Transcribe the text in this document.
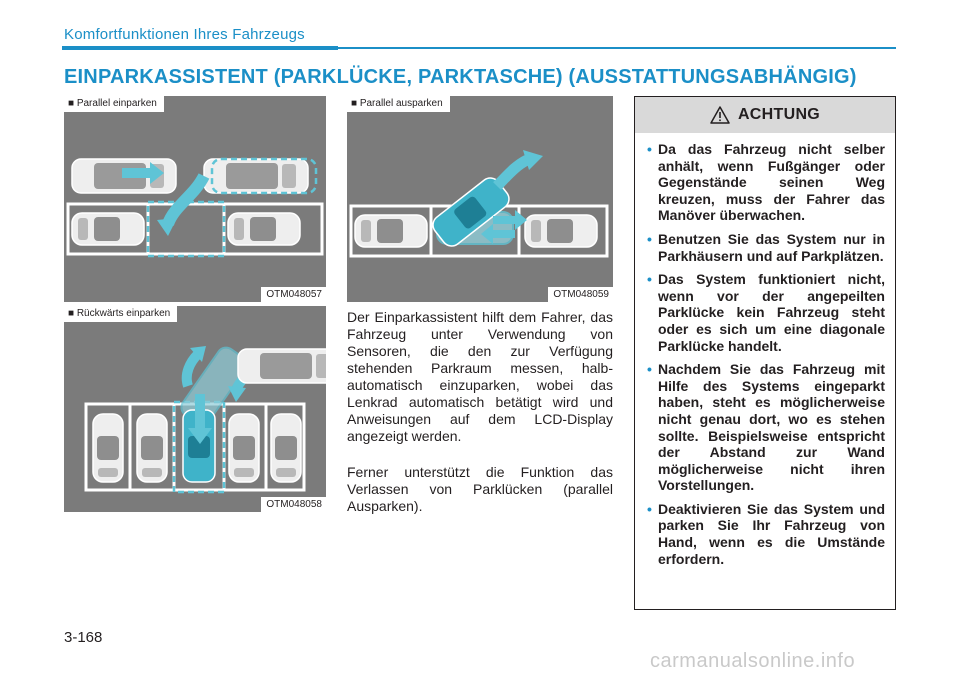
Komfortfunktionen Ihres Fahrzeugs
EINPARKASSISTENT (PARKLÜCKE, PARKTASCHE) (AUSSTATTUNGSABHÄNGIG)
■ Parallel einparken
OTM048057
■ Rückwärts einparken
OTM048058
■ Parallel ausparken
OTM048059

Der Einparkassistent hilft dem Fahrer, das Fahrzeug unter Verwendung von Sensoren, die den zur Verfügung stehenden Parkraum messen, halb-automatisch einzuparken, wobei das Lenkrad automatisch betätigt wird und Anweisungen auf dem LCD-Display angezeigt werden.

Ferner unterstützt die Funktion das Verlassen von Parklücken (parallel Ausparken).

ACHTUNG
• Da das Fahrzeug nicht selber anhält, wenn Fußgänger oder Gegenstände seinen Weg kreuzen, muss der Fahrer das Manöver überwachen.
• Benutzen Sie das System nur in Parkhäusern und auf Parkplätzen.
• Das System funktioniert nicht, wenn vor der angepeilten Parklücke kein Fahrzeug steht oder es sich um eine diagonale Parklücke handelt.
• Nachdem Sie das Fahrzeug mit Hilfe des Systems eingeparkt haben, steht es möglicherweise nicht genau dort, wo es stehen sollte. Beispielsweise entspricht der Abstand zur Wand möglicherweise nicht ihren Vorstellungen.
• Deaktivieren Sie das System und parken Sie Ihr Fahrzeug von Hand, wenn es die Umstände erfordern.
3-168
carmanualsonline.info
